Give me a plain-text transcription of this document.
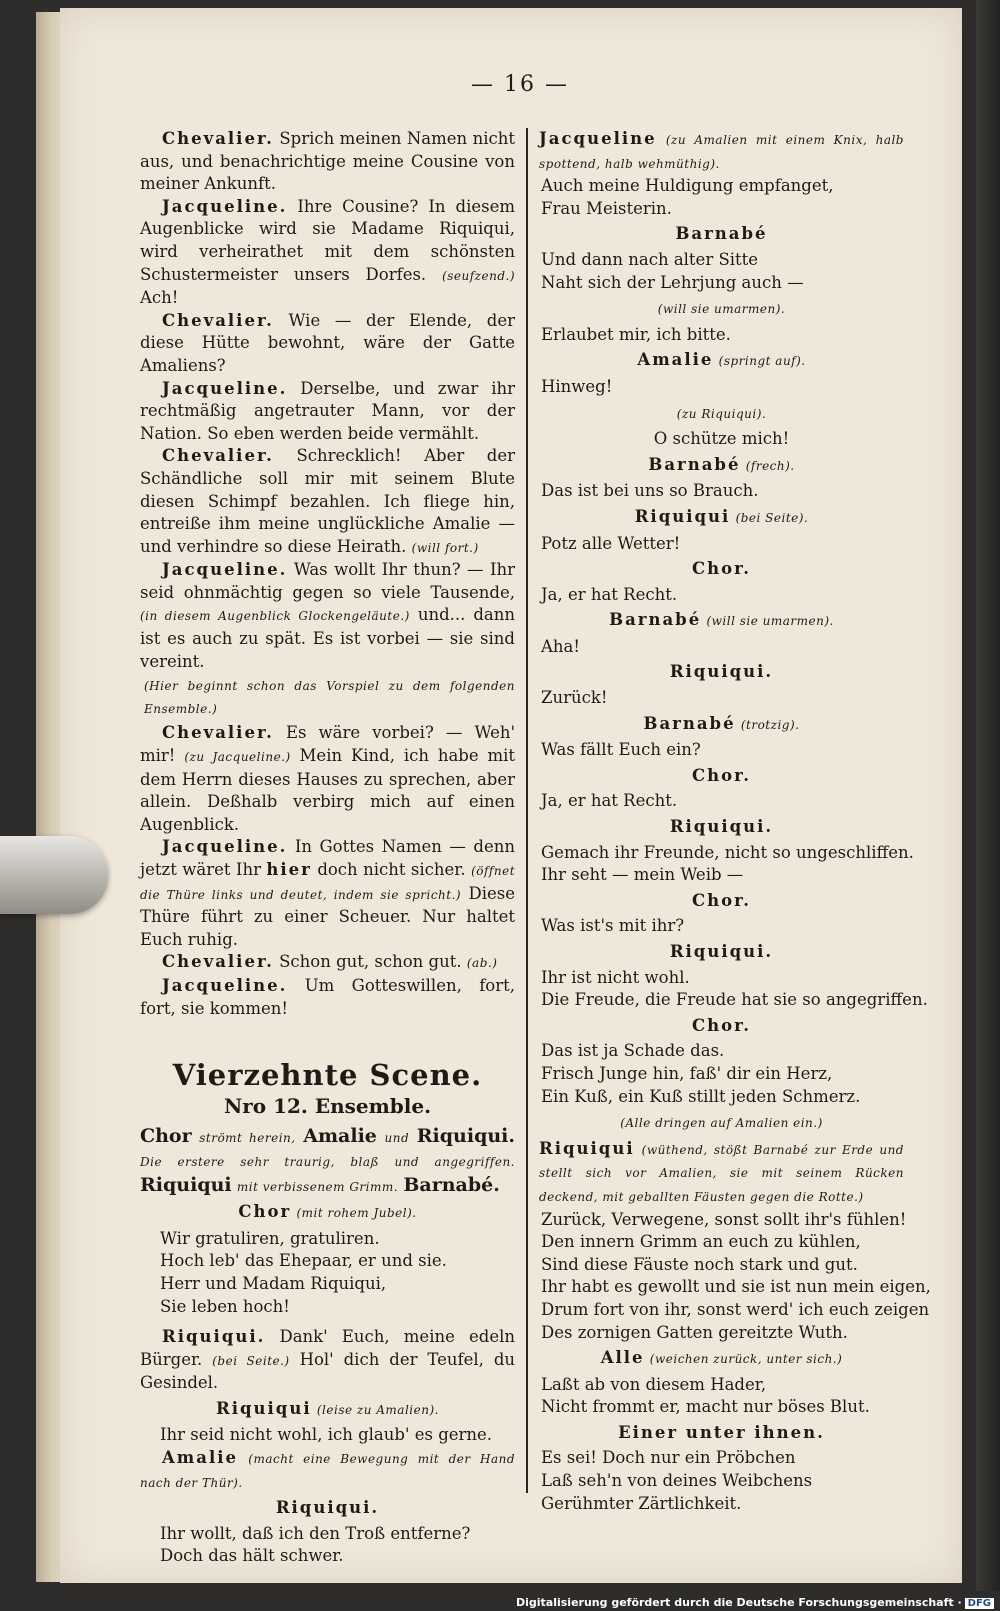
— 16 —

Chevalier. Sprich meinen Namen nicht aus, und benachrichtige meine Cousine von meiner Ankunft.

Jacqueline. Ihre Cousine? In diesem Augenblicke wird sie Madame Riquiqui, wird verheirathet mit dem schönsten Schustermeister unsers Dorfes. (seufzend.) Ach!

Chevalier. Wie — der Elende, der diese Hütte bewohnt, wäre der Gatte Amaliens?

Jacqueline. Derselbe, und zwar ihr rechtmäßig angetrauter Mann, vor der Nation. So eben werden beide vermählt.

Chevalier. Schrecklich! Aber der Schändliche soll mir mit seinem Blute diesen Schimpf bezahlen. Ich fliege hin, entreiße ihm meine unglückliche Amalie — und verhindre so diese Heirath. (will fort.)

Jacqueline. Was wollt Ihr thun? — Ihr seid ohnmächtig gegen so viele Tausende, (in diesem Augenblick Glockengeläute.) und... dann ist es auch zu spät. Es ist vorbei — sie sind vereint.

(Hier beginnt schon das Vorspiel zu dem folgenden Ensemble.)

Chevalier. Es wäre vorbei? — Weh' mir! (zu Jacqueline.) Mein Kind, ich habe mit dem Herrn dieses Hauses zu sprechen, aber allein. Deßhalb verbirg mich auf einen Augenblick.

Jacqueline. In Gottes Namen — denn jetzt wäret Ihr hier doch nicht sicher. (öffnet die Thüre links und deutet, indem sie spricht.) Diese Thüre führt zu einer Scheuer. Nur haltet Euch ruhig.

Chevalier. Schon gut, schon gut. (ab.)

Jacqueline. Um Gotteswillen, fort, fort, sie kommen!

Vierzehnte Scene.
Nro 12. Ensemble.

Chor strömt herein, Amalie und Riquiqui. Die erstere sehr traurig, blaß und angegriffen. Riquiqui mit verbissenem Grimm. Barnabé.

Chor (mit rohem Jubel).
Wir gratuliren, gratuliren.
Hoch leb' das Ehepaar, er und sie.
Herr und Madam Riquiqui,
Sie leben hoch!

Riquiqui. Dank' Euch, meine edeln Bürger. (bei Seite.) Hol' dich der Teufel, du Gesindel.

Riquiqui (leise zu Amalien).
Ihr seid nicht wohl, ich glaub' es gerne.

Amalie (macht eine Bewegung mit der Hand nach der Thür).

Riquiqui.
Ihr wollt, daß ich den Troß entferne?
Doch das hält schwer.

Jacqueline (zu Amalien mit einem Knix, halb spottend, halb wehmüthig).

Auch meine Huldigung empfanget,
Frau Meisterin.
Barnabé
Und dann nach alter Sitte
Naht sich der Lehrjung auch —
(will sie umarmen).
Erlaubet mir, ich bitte.
Amalie (springt auf).
Hinweg!
(zu Riquiqui).
O schütze mich!
Barnabé (frech).
Das ist bei uns so Brauch.
Riquiqui (bei Seite).
Potz alle Wetter!
Chor.
Ja, er hat Recht.
Barnabé (will sie umarmen).
Aha!
Riquiqui.
Zurück!
Barnabé (trotzig).
Was fällt Euch ein?
Chor.
Ja, er hat Recht.
Riquiqui.
Gemach ihr Freunde, nicht so ungeschliffen.
Ihr seht — mein Weib —
Chor.
Was ist's mit ihr?
Riquiqui.
Ihr ist nicht wohl.
Die Freude, die Freude hat sie so angegriffen.
Chor.
Das ist ja Schade das.
Frisch Junge hin, faß' dir ein Herz,
Ein Kuß, ein Kuß stillt jeden Schmerz.
(Alle dringen auf Amalien ein.)

Riquiqui (wüthend, stößt Barnabé zur Erde und stellt sich vor Amalien, sie mit seinem Rücken deckend, mit geballten Fäusten gegen die Rotte.)

Zurück, Verwegene, sonst sollt ihr's fühlen!
Den innern Grimm an euch zu kühlen,
Sind diese Fäuste noch stark und gut.
Ihr habt es gewollt und sie ist nun mein eigen,
Drum fort von ihr, sonst werd' ich euch zeigen
Des zornigen Gatten gereitzte Wuth.
Alle (weichen zurück, unter sich.)
Laßt ab von diesem Hader,
Nicht frommt er, macht nur böses Blut.
Einer unter ihnen.
Es sei! Doch nur ein Pröbchen
Laß seh'n von deines Weibchens
Gerühmter Zärtlichkeit.
Digitalisierung gefördert durch die Deutsche Forschungsgemeinschaft · DFG
